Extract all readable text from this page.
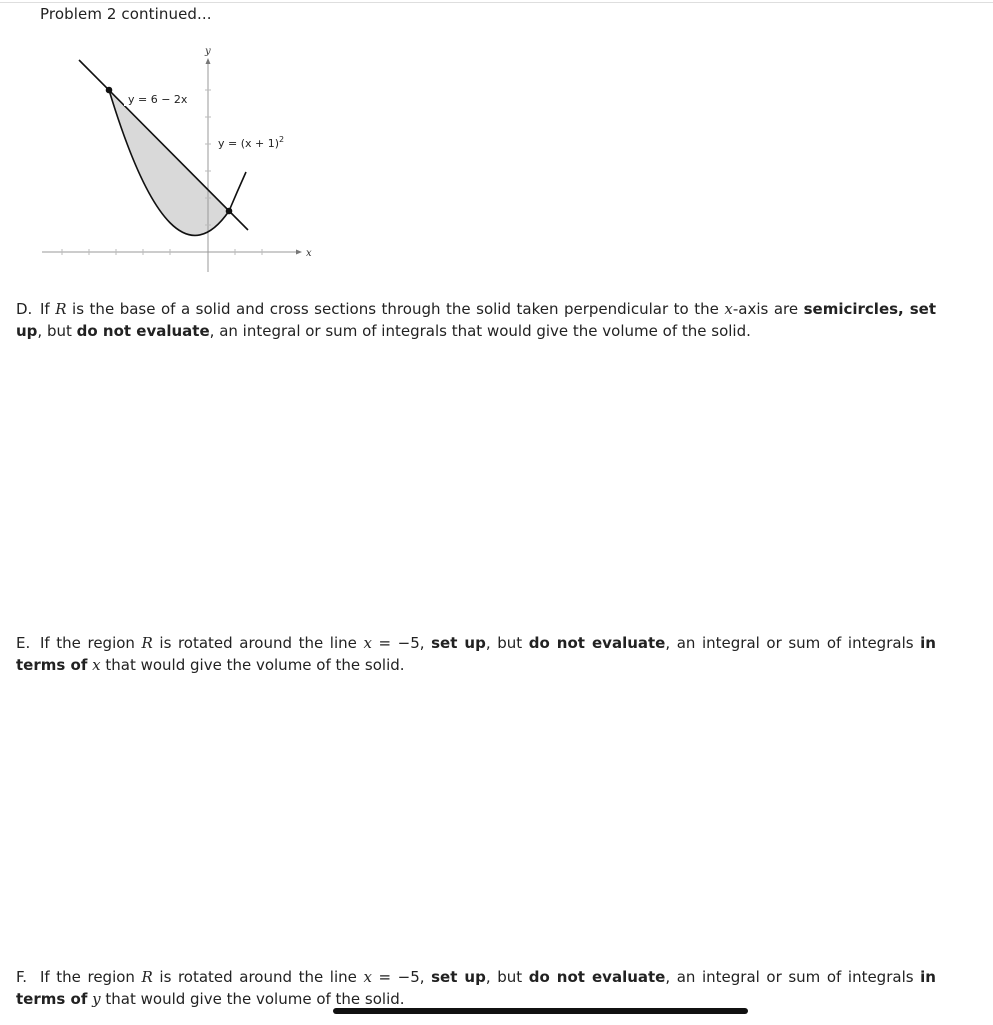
Problem 2 continued...
y
x
y = 6 − 2x
$y = (x + 1)^2$
D. If R is the base of a solid and cross sections through the solid taken perpendicular to the x-axis are semicircles, set up, but do not evaluate, an integral or sum of integrals that would give the volume of the solid.
E. If the region R is rotated around the line x = −5, set up, but do not evaluate, an integral or sum of integrals in terms of x that would give the volume of the solid.
F. If the region R is rotated around the line x = −5, set up, but do not evaluate, an integral or sum of integrals in terms of y that would give the volume of the solid.
